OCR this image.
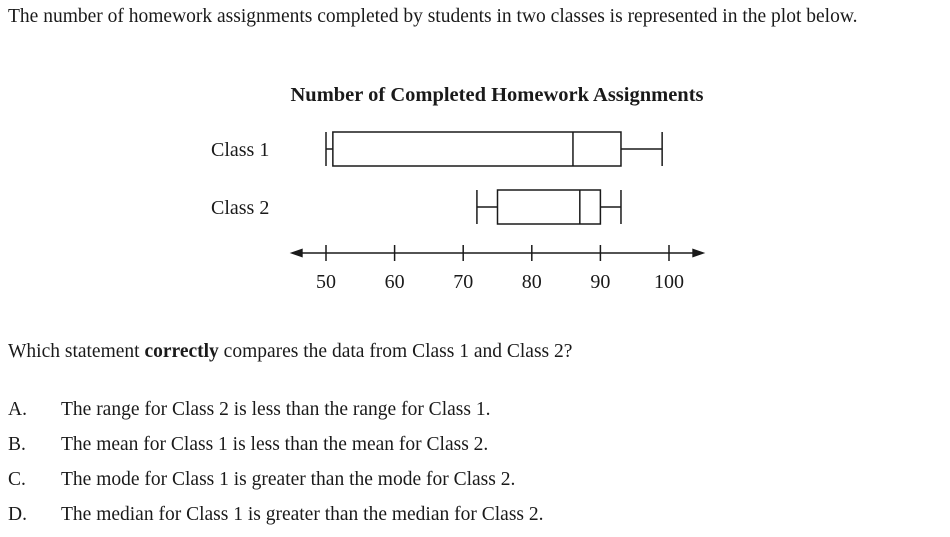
The number of homework assignments completed by students in two classes is represented in the plot below.

Number of Completed Homework Assignments
Class 1
Class 2
50 60 70 80 90 100

Which statement correctly compares the data from Class 1 and Class 2?

A. The range for Class 2 is less than the range for Class 1.
B. The mean for Class 1 is less than the mean for Class 2.
C. The mode for Class 1 is greater than the mode for Class 2.
D. The median for Class 1 is greater than the median for Class 2.
